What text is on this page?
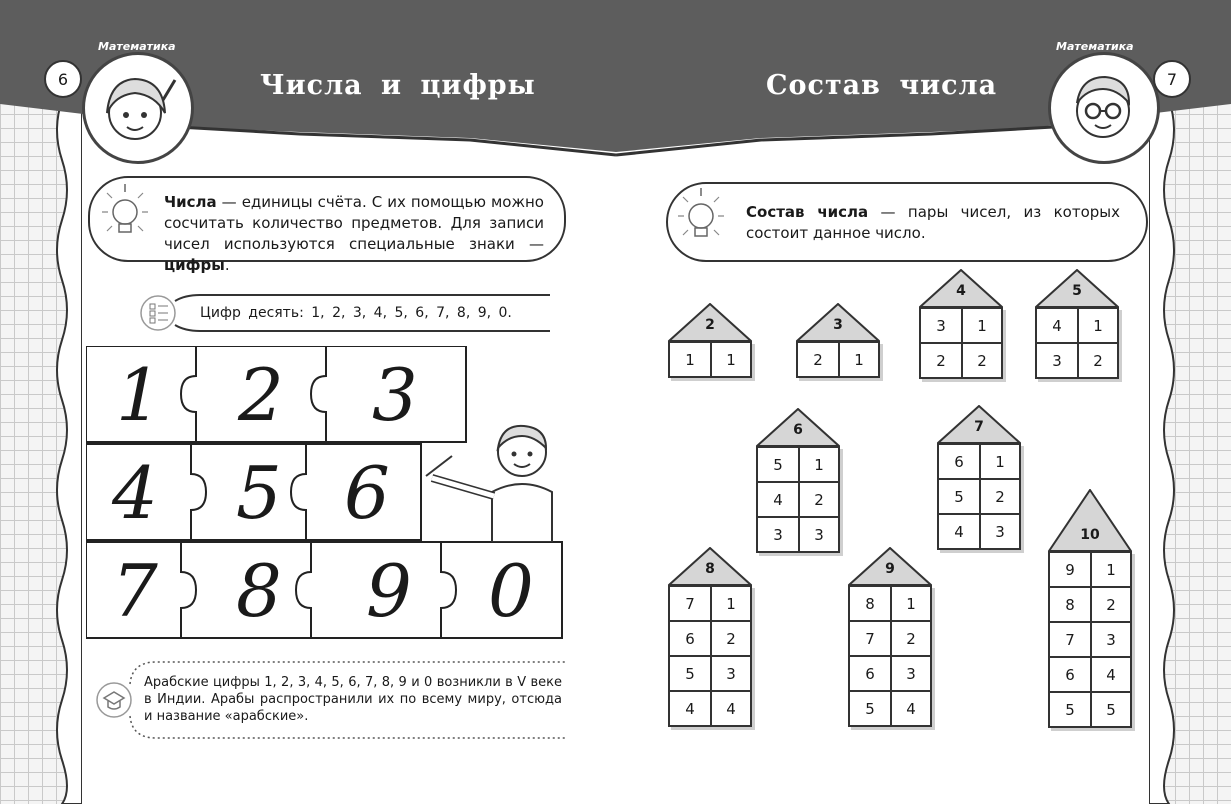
6
Математика
Числа и цифры
Числа — единицы счёта. С их помощью можно сосчитать количество предметов. Для записи чисел используются специальные знаки — цифры.
Цифр десять: 1, 2, 3, 4, 5, 6, 7, 8, 9, 0.
1 2 3
4 5 6
7 8 9 0
Арабские цифры 1, 2, 3, 4, 5, 6, 7, 8, 9 и 0 возникли в V веке в Индии. Арабы распространили их по всему миру, отсюда и название «арабские».
7
Математика
Состав числа
Состав числа — пары чисел, из которых состоит данное число.
2
1	1
3
2	1
4
3	1
2	2
5
4	1
3	2
6
5	1
4	2
3	3
7
6	1
5	2
4	3
8
7	1
6	2
5	3
4	4
9
8	1
7	2
6	3
5	4
10
9	1
8	2
7	3
6	4
5	5
